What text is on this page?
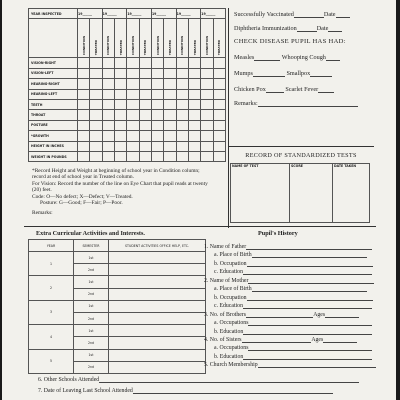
YEAR INSPECTED	19______		19______		19______		19______		19______		19______	

	CONDITION	TREATED	CONDITION	TREATED	CONDITION	TREATED	CONDITION	TREATED	CONDITION	TREATED	CONDITION	TREATED

VISION-RIGHT												
VISION-LEFT												
HEARING-RIGHT												
HEARING-LEFT												
TEETH												
THROAT												
POSTURE												
*GROWTH												
HEIGHT IN INCHES												
WEIGHT IN POUNDS												
*Record Height and Weight at beginning of school year in Condition column; record at end of school year in Treated column.
For Vision: Record the number of the line on Eye Chart that pupil reads at twenty (20) feet.
Code: O—No defect; X—Defect; V—Treated.
Posture: G—Good; F—Fair; P—Poor.
Remarks:
Successfully Vaccinated	Date
Diphtheria Immunization	Date
CHECK DISEASE PUPIL HAS HAD:
Measles	Whooping Cough
Mumps	Smallpox
Chicken Pox	Scarlet Fever
Remarks:
RECORD OF STANDARDIZED TESTS
NAME OF TEST	SCORE	DATE TAKEN
Extra Curricular Activities and Interests.
YEAR	SEMESTER	STUDENT ACTIVITIES OFFICE HELP, ETC.
1	1st	
	2nd	
2	1st	
	2nd	
3	1st	
	2nd	
4	1st	
	2nd	
5	1st	
	2nd	
Pupil's History
1. Name of Father
a. Place of Birth
b. Occupation
c. Education
2. Name of Mother
a. Place of Birth
b. Occupation
c. Education
3. No. of Brothers	Ages
a. Occupations
b. Education
4. No. of Sisters	Ages
a. Occupations
b. Education
5. Church Membership
6. Other Schools Attended
7. Date of Leaving Last School Attended
